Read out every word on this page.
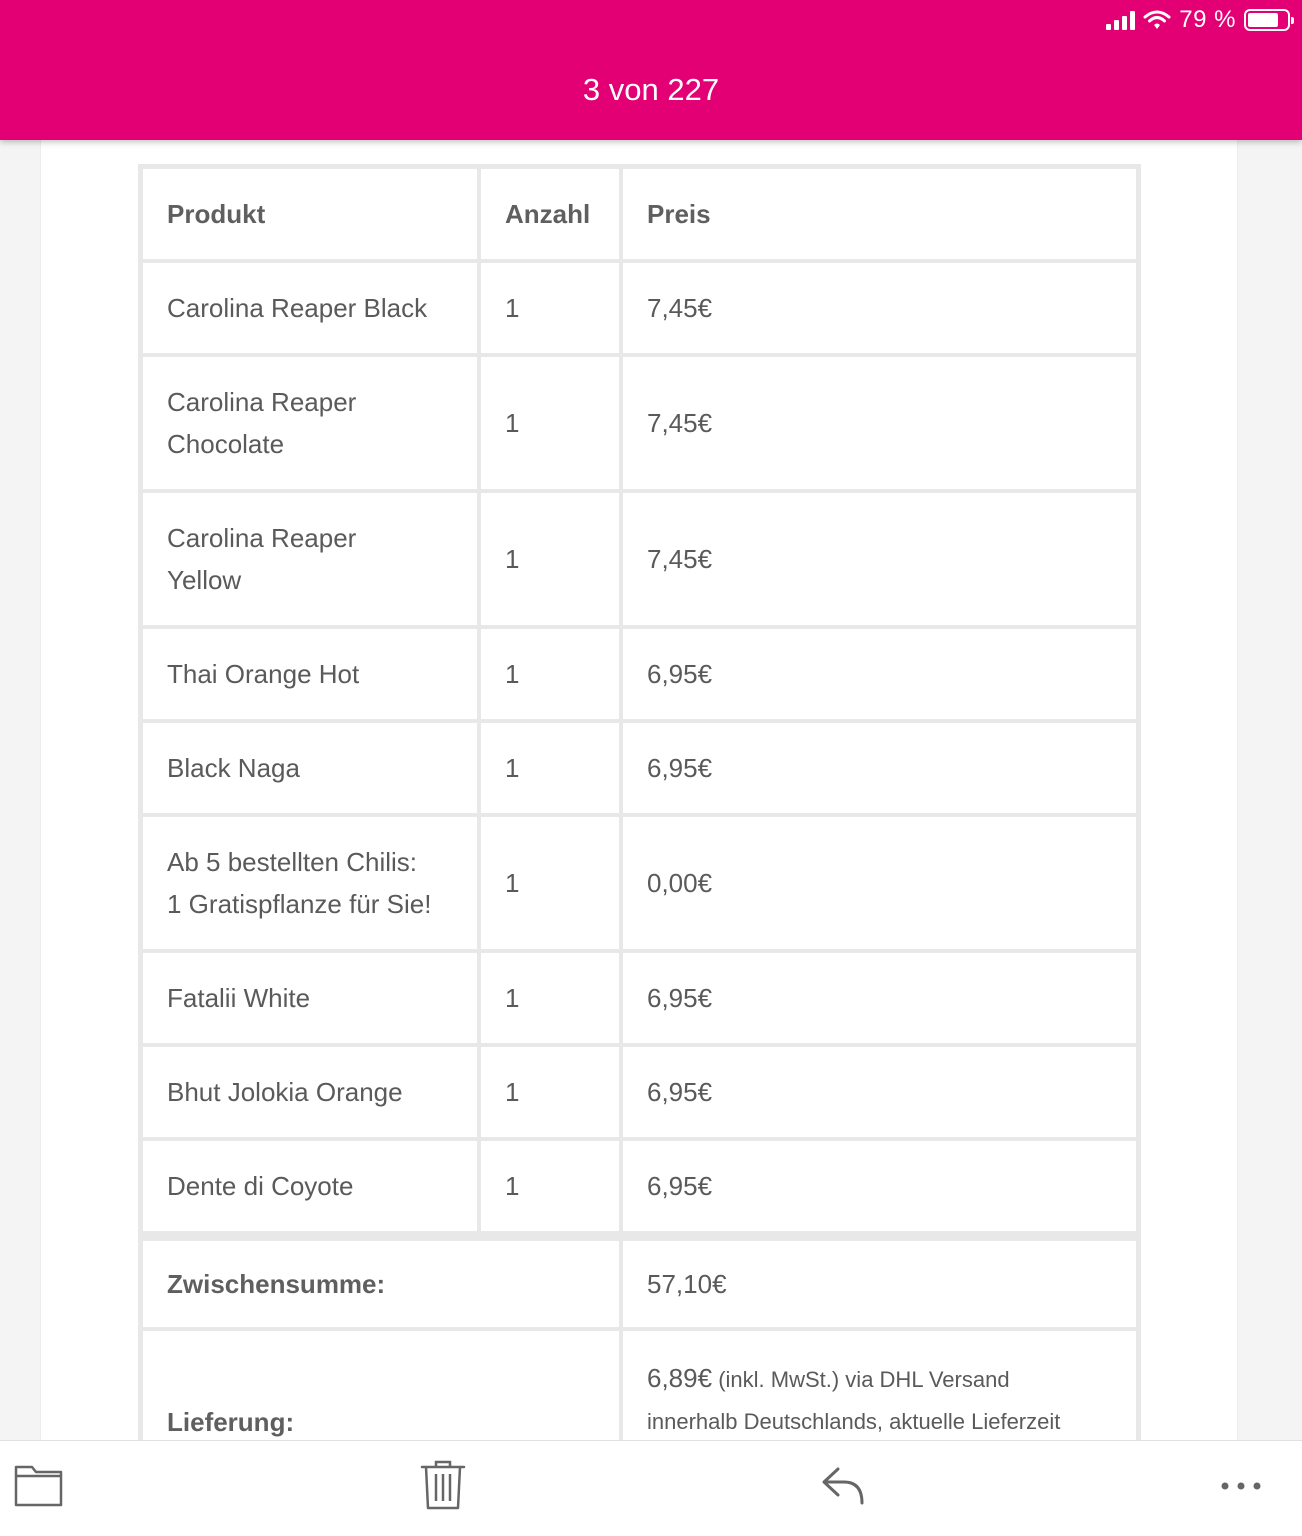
79 %
3 von 227
Produkt	Anzahl	Preis
Carolina Reaper Black	1	7,45€
Carolina Reaper
Chocolate	1	7,45€
Carolina Reaper
Yellow	1	7,45€
Thai Orange Hot	1	6,95€
Black Naga	1	6,95€
Ab 5 bestellten Chilis:
1 Gratispflanze für Sie!	1	0,00€
Fatalii White	1	6,95€
Bhut Jolokia Orange	1	6,95€
Dente di Coyote	1	6,95€
Zwischensumme:		57,10€
Lieferung:		6,89€ (inkl. MwSt.) via DHL Versand
innerhalb Deutschlands, aktuelle Lieferzeit
